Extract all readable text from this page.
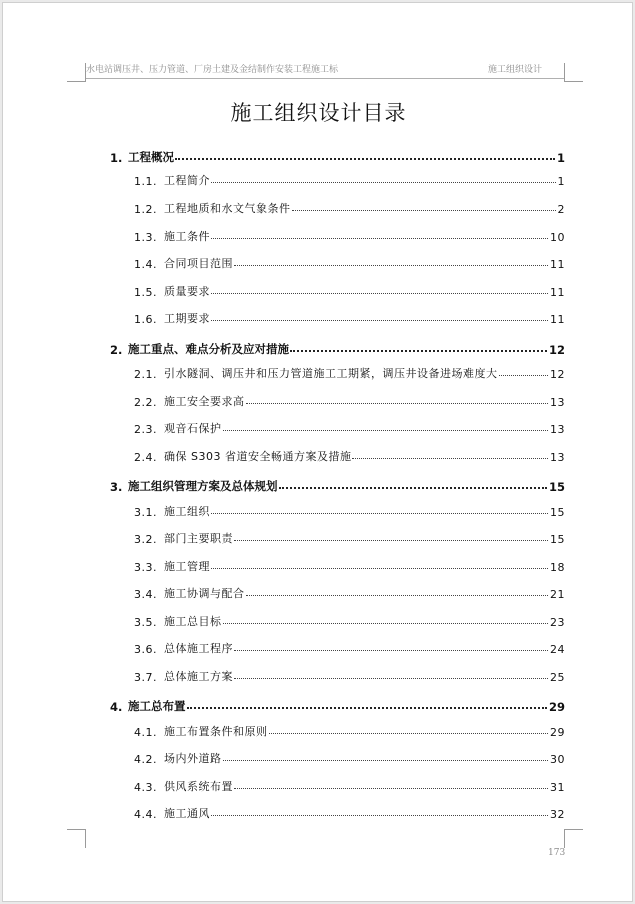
水电站调压井、压力管道、厂房土建及金结制作安装工程施工标	施工组织设计
施工组织设计目录
1. 工程概况	1
1.1. 工程简介	1
1.2. 工程地质和水文气象条件	2
1.3. 施工条件	10
1.4. 合同项目范围	11
1.5. 质量要求	11
1.6. 工期要求	11
2. 施工重点、难点分析及应对措施	12
2.1. 引水隧洞、调压井和压力管道施工工期紧，调压井设备进场难度大	12
2.2. 施工安全要求高	13
2.3. 观音石保护	13
2.4. 确保 S303 省道安全畅通方案及措施	13
3. 施工组织管理方案及总体规划	15
3.1. 施工组织	15
3.2. 部门主要职责	15
3.3. 施工管理	18
3.4. 施工协调与配合	21
3.5. 施工总目标	23
3.6. 总体施工程序	24
3.7. 总体施工方案	25
4. 施工总布置	29
4.1. 施工布置条件和原则	29
4.2. 场内外道路	30
4.3. 供风系统布置	31
4.4. 施工通风	32
173
